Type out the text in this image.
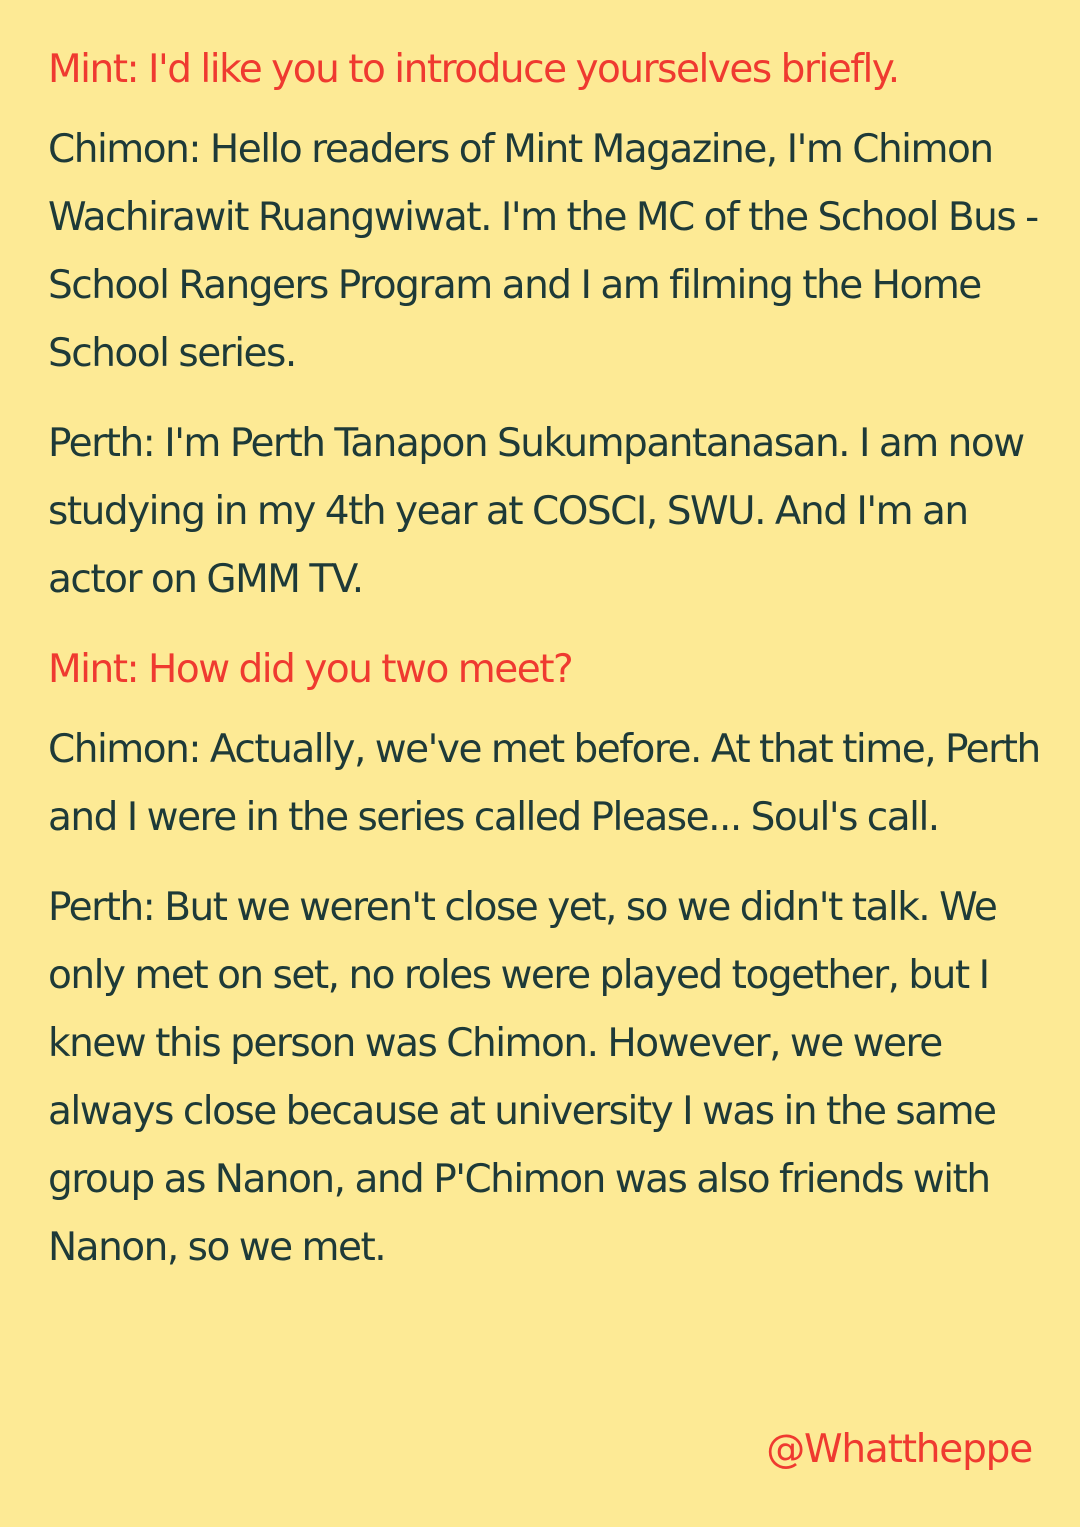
Mint: I'd like you to introduce yourselves briefly.

Chimon: Hello readers of Mint Magazine, I'm Chimon Wachirawit Ruangwiwat. I'm the MC of the School Bus - School Rangers Program and I am filming the Home School series.

Perth: I'm Perth Tanapon Sukumpantanasan. I am now studying in my 4th year at COSCI, SWU. And I'm an actor on GMM TV.

Mint: How did you two meet?

Chimon: Actually, we've met before. At that time, Perth and I were in the series called Please... Soul's call.

Perth: But we weren't close yet, so we didn't talk. We only met on set, no roles were played together, but I knew this person was Chimon. However, we were always close because at university I was in the same group as Nanon, and P'Chimon was also friends with Nanon, so we met.

@Whattheppe
